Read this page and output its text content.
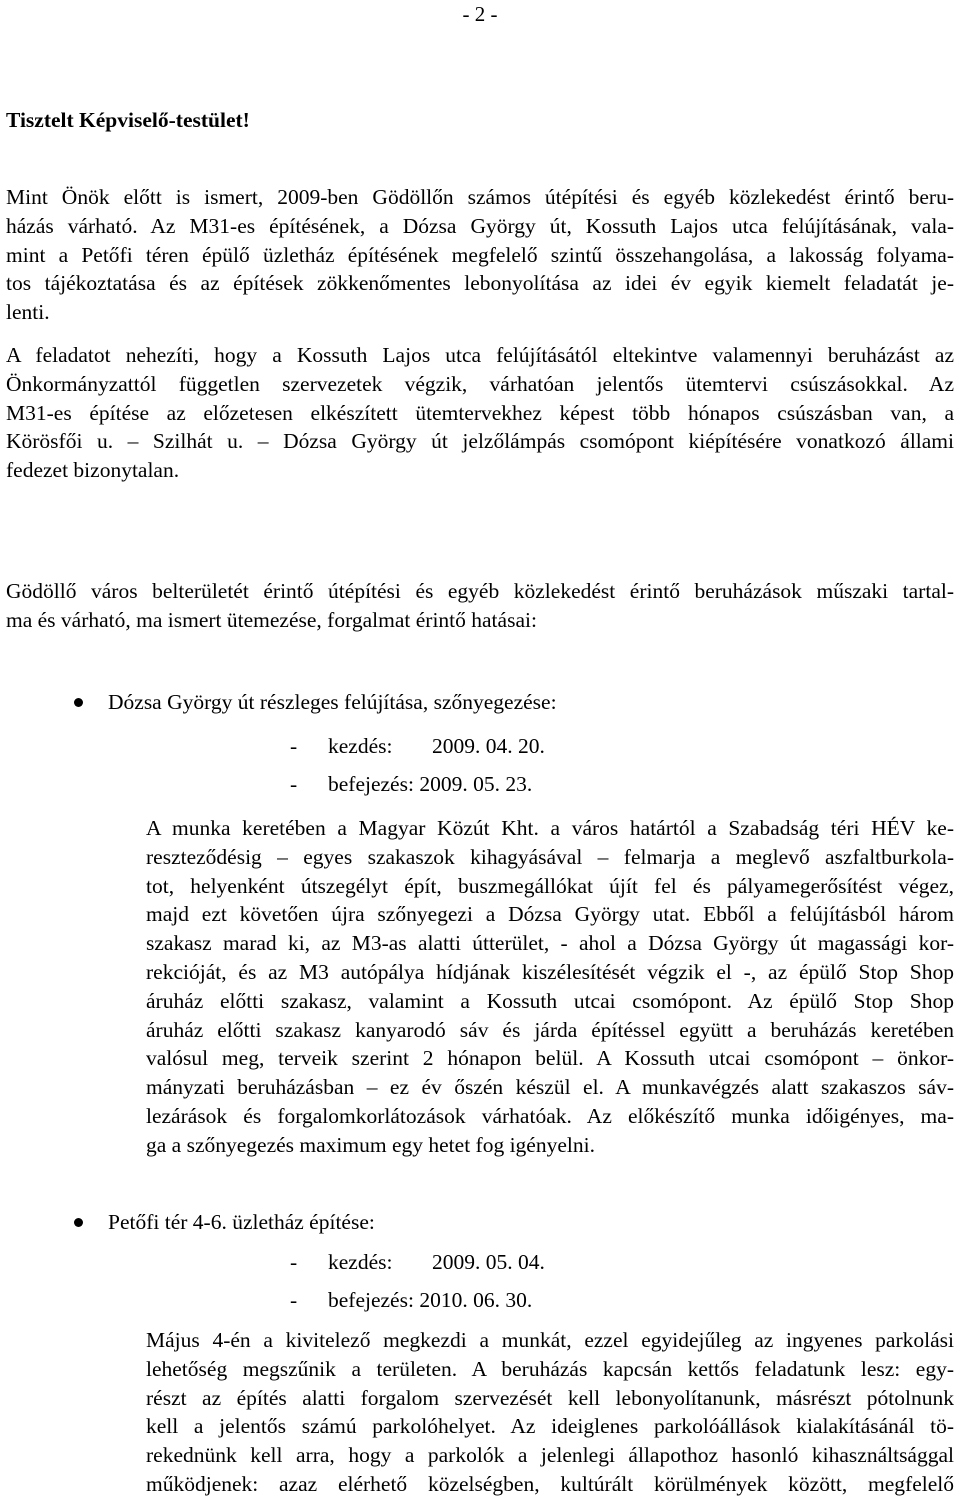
- 2 -
Tisztelt Képviselő-testület!
Mint Önök előtt is ismert, 2009-ben Gödöllőn számos útépítési és egyéb közlekedést érintő beru-
házás várható. Az M31-es építésének, a Dózsa György út, Kossuth Lajos utca felújításának, vala-
mint a Petőfi téren épülő üzletház építésének megfelelő szintű összehangolása, a lakosság folyama-
tos tájékoztatása és az építések zökkenőmentes lebonyolítása az idei év egyik kiemelt feladatát je-
lenti.
A feladatot nehezíti, hogy a Kossuth Lajos utca felújításától eltekintve valamennyi beruházást az
Önkormányzattól független szervezetek végzik, várhatóan jelentős ütemtervi csúszásokkal. Az
M31-es építése az előzetesen elkészített ütemtervekhez képest több hónapos csúszásban van, a
Körösfői u. – Szilhát u. – Dózsa György út jelzőlámpás csomópont kiépítésére vonatkozó állami
fedezet bizonytalan.
Gödöllő város belterületét érintő útépítési és egyéb közlekedést érintő beruházások műszaki tartal-
ma és várható, ma ismert ütemezése, forgalmat érintő hatásai:
Dózsa György út részleges felújítása, szőnyegezése:
- kezdés: 2009. 04. 20.
- befejezés: 2009. 05. 23.
A munka keretében a Magyar Közút Kht. a város határtól a Szabadság téri HÉV ke-
reszteződésig – egyes szakaszok kihagyásával – felmarja a meglevő aszfaltburkola-
tot, helyenként útszegélyt épít, buszmegállókat újít fel és pályamegerősítést végez,
majd ezt követően újra szőnyegezi a Dózsa György utat. Ebből a felújításból három
szakasz marad ki, az M3-as alatti útterület, - ahol a Dózsa György út magassági kor-
rekcióját, és az M3 autópálya hídjának kiszélesítését végzik el -, az épülő Stop Shop
áruház előtti szakasz, valamint a Kossuth utcai csomópont. Az épülő Stop Shop
áruház előtti szakasz kanyarodó sáv és járda építéssel együtt a beruházás keretében
valósul meg, terveik szerint 2 hónapon belül. A Kossuth utcai csomópont – önkor-
mányzati beruházásban – ez év őszén készül el. A munkavégzés alatt szakaszos sáv-
lezárások és forgalomkorlátozások várhatóak. Az előkészítő munka időigényes, ma-
ga a szőnyegezés maximum egy hetet fog igényelni.
Petőfi tér 4-6. üzletház építése:
- kezdés: 2009. 05. 04.
- befejezés: 2010. 06. 30.
Május 4-én a kivitelező megkezdi a munkát, ezzel egyidejűleg az ingyenes parkolási
lehetőség megszűnik a területen. A beruházás kapcsán kettős feladatunk lesz: egy-
részt az építés alatti forgalom szervezését kell lebonyolítanunk, másrészt pótolnunk
kell a jelentős számú parkolóhelyet. Az ideiglenes parkolóállások kialakításánál tö-
rekednünk kell arra, hogy a parkolók a jelenlegi állapothoz hasonló kihasználtsággal
működjenek: azaz elérhető közelségben, kultúrált körülmények között, megfelelő
